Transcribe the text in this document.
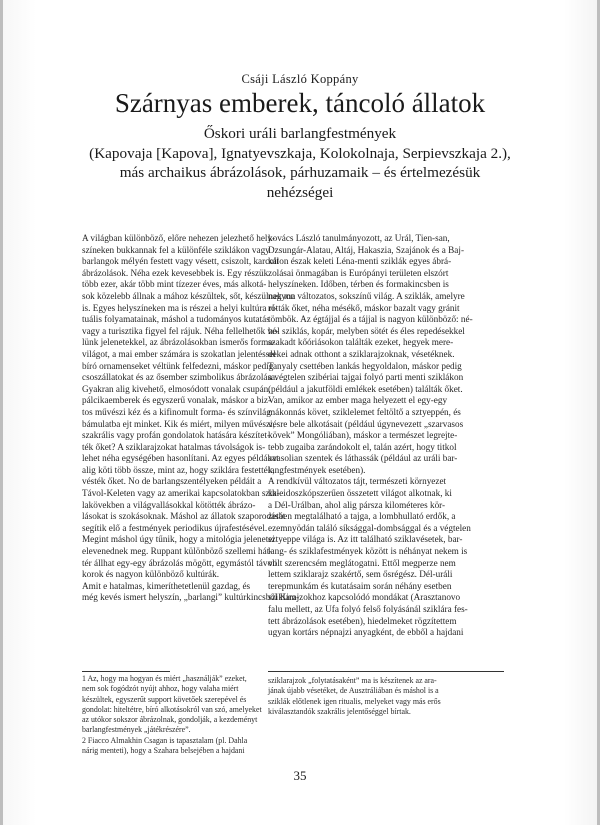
Csáji László Koppány
Szárnyas emberek, táncoló állatok
Őskori uráli barlangfestmények
(Kapovaja [Kapova], Ignatyevszkaja, Kolokolnaja, Serpievszkaja 2.),
más archaikus ábrázolások, párhuzamaik – és értelmezésük
nehézségei
A világban különböző, előre nehezen jelezhető hely-
színeken bukkannak fel a különféle sziklákon vagy
barlangok mélyén festett vagy vésett, csiszolt, karcolt
ábrázolások. Néha ezek kevesebbek is. Egy részük
több ezer, akár több mint tízezer éves, más alkotá-
sok közelebb állnak a mához készültek, sőt, készülnek ma
is. Egyes helyszíneken ma is részei a helyi kultúra ri-
tuális folyamatainak, máshol a tudományos kutatás
vagy a turisztika figyel fel rájuk. Néha fellelhetők vé-
lünk jelenetekkel, az ábrázolásokban ismerős forma-
világot, a mai ember számára is szokatlan jelentéssel
bíró ornamenseket véltünk felfedezni, máskor pedig
csoszállatokat és az ősember szimbolikus ábrázolása.
Gyakran alig kivehető, elmosódott vonalak csupán,
pálcikaemberek és egyszerű vonalak, máskor a biz-
tos művészi kéz és a kifinomult forma- és színvilág
bámulatba ejt minket. Kik és miért, milyen művészi,
szakrális vagy profán gondolatok hatására készítet-
ték őket? A sziklarajzokat hatalmas távolságok is-
lehet néha egységében hasonlítani. Az egyes példákat
alig köti több össze, mint az, hogy sziklára festették,
vésték őket. No de barlangszentélyeken példáit a
Távol-Keleten vagy az amerikai kapcsolatokban szik-
lakövekben a világvallásokkal kötötték ábrázo-
lásokat is szokásoknak. Máshol az állatok szaporodását
segítik elő a festmények periodikus újrafestésével.
Megint máshol úgy tűnik, hogy a mitológia jelenetei
elevenednek meg. Ruppant különböző szellemi hát-
tér állhat egy-egy ábrázolás mögött, egymástól távoli
korok és nagyon különböző kultúrák.
Amit e hatalmas, kimeríthetetlenül gazdag, és
még kevés ismert helyszín, „barlangi” kultúrkincsből Kim-
kovács László tanulmányozott, az Urál, Tien-san,
Dzsungár-Alatau, Altáj, Hakaszia, Szajánok és a Baj-
kálon észak keleti Léna-menti sziklák egyes ábrá-
zolásai önmagában is Európányi területen elszórt
helyszíneken. Időben, térben és formakincsben is
nagyon változatos, sokszínű világ. A sziklák, amelyre
rótták őket, néha mésékő, máskor bazalt vagy gránit
tömbök. Az égtájjal és a tájjal is nagyon különböző: né-
hol sziklás, kopár, melyben sötét és éles repedésekkel
szakadt kőóriásokon találták ezeket, hegyek mere-
dekei adnak otthont a sziklarajzoknak, vésetéknek.
Tanyaly csettében lankás hegyoldalon, máskor pedig
a végtelen szibériai tajgai folyó parti menti sziklákon
(például a jakutföldi emlékek esetében) találták őket.
Van, amikor az ember maga helyezett el egy-egy
mákonnás követ, sziklelemet feltöltő a sztyeppén, és
vésre bele alkotásait (például úgynevezett „szarvasos
kövek” Mongóliában), máskor a természet legrejte-
tebb zugaiba zarándokolt el, talán azért, hogy titkol
avasolian szentek és láthassák (például az uráli bar-
langfestmények esetében).
A rendkívül változatos tájt, természeti környezet
kaleidoszkópszerűen összetett világot alkotnak, ki
a Dél-Urálban, ahol alig pársza kilométeres kör-
zetben megtalálható a tajga, a lombhullató erdők, a
ezemnyödán találó síksággal-dombsággal és a végtelen
sztyeppe világa is. Az itt található sziklavésetek, bar-
lang- és sziklafestmények között is néhányat nekem is
volt szerencsém meglátogatni. Ettől megperze nem
lettem sziklarajz szakértő, sem ősrégész. Dél-uráli
terepmunkám és kutatásaim során néhány esetben
sziklarajzokhoz kapcsolódó mondákat (Arasztanovo
falu mellett, az Ufa folyó felső folyásánál sziklára fes-
tett ábrázolások esetében), hiedelmeket rögzítettem
ugyan kortárs népnajzi anyagként, de ebből a hajdani
1 Az, hogy ma hogyan és miért „használják” ezeket,
nem sok fogódzót nyújt ahhoz, hogy valaha miért
készültek, egyszerűt support követőek szerepével és
gondolat: hiteltétre, bíró alkotásokról van szó, amelyeket
az utókor sokszor ábrázolnak, gondolják, a kezdeményt
barlangfestmények „játékrészére”.
2 Fiacco Almakhin Csagan is tapasztalam (pl. Dahla
nárig menteti), hogy a Szahara belsejében a hajdani
sziklarajzok „folytatásaként” ma is készítenek az ara-
jának újabb vésetéket, de Ausztráliában és máshol is a
sziklák előtlenek igen ritualis, melyeket vagy más erős
kiválasztandók szakrális jelentőséggel bírtak.
35
